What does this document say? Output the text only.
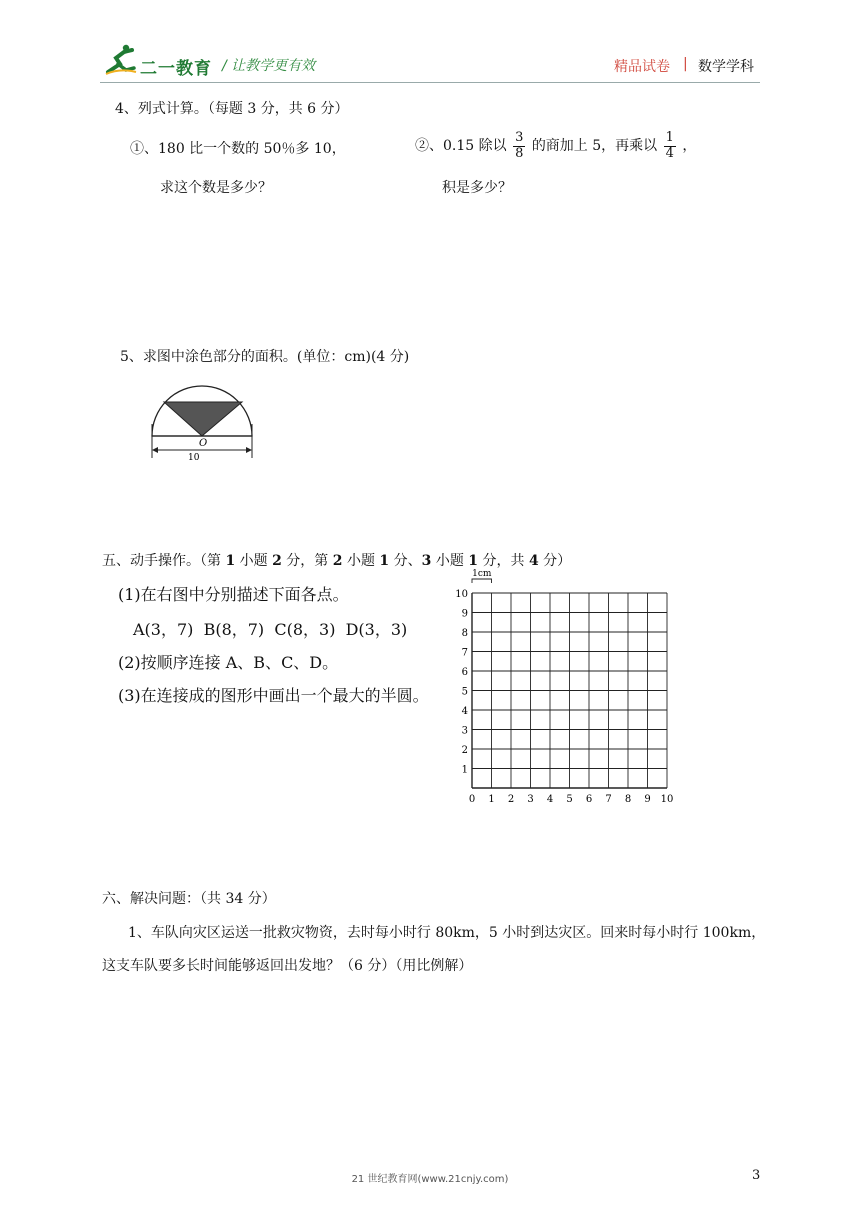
二一教育 / 让教学更有效	精品试卷 | 数学学科
4、列式计算。（每题 3 分，共 6 分）
①、180 比一个数的 50％多 10，
求这个数是多少？
②、0.15 除以 $\frac{3}{8}$ 的商加上 5，再乘以 $\frac{1}{4}$ ，
积是多少？
5、求图中涂色部分的面积。(单位：cm)(4 分)
O
10
五、动手操作。（第 1 小题 2 分，第 2 小题 1 分、3 小题 1 分，共 4 分）
(1)在右图中分别描述下面各点。
A(3，7)  B(8，7)  C(8，3)  D(3，3)
(2)按顺序连接 A、B、C、D。
(3)在连接成的图形中画出一个最大的半圆。
0 1 2 3 4 5 6 7 8 9 10
1
2
3
4
5
6
7
8
9
10
1cm
六、解决问题：（共 34 分）
1、车队向灾区运送一批救灾物资，去时每小时行 80km，5 小时到达灾区。回来时每小时行 100km，
这支车队要多长时间能够返回出发地？（6 分）（用比例解）
21 世纪教育网(www.21cnjy.com)	3
